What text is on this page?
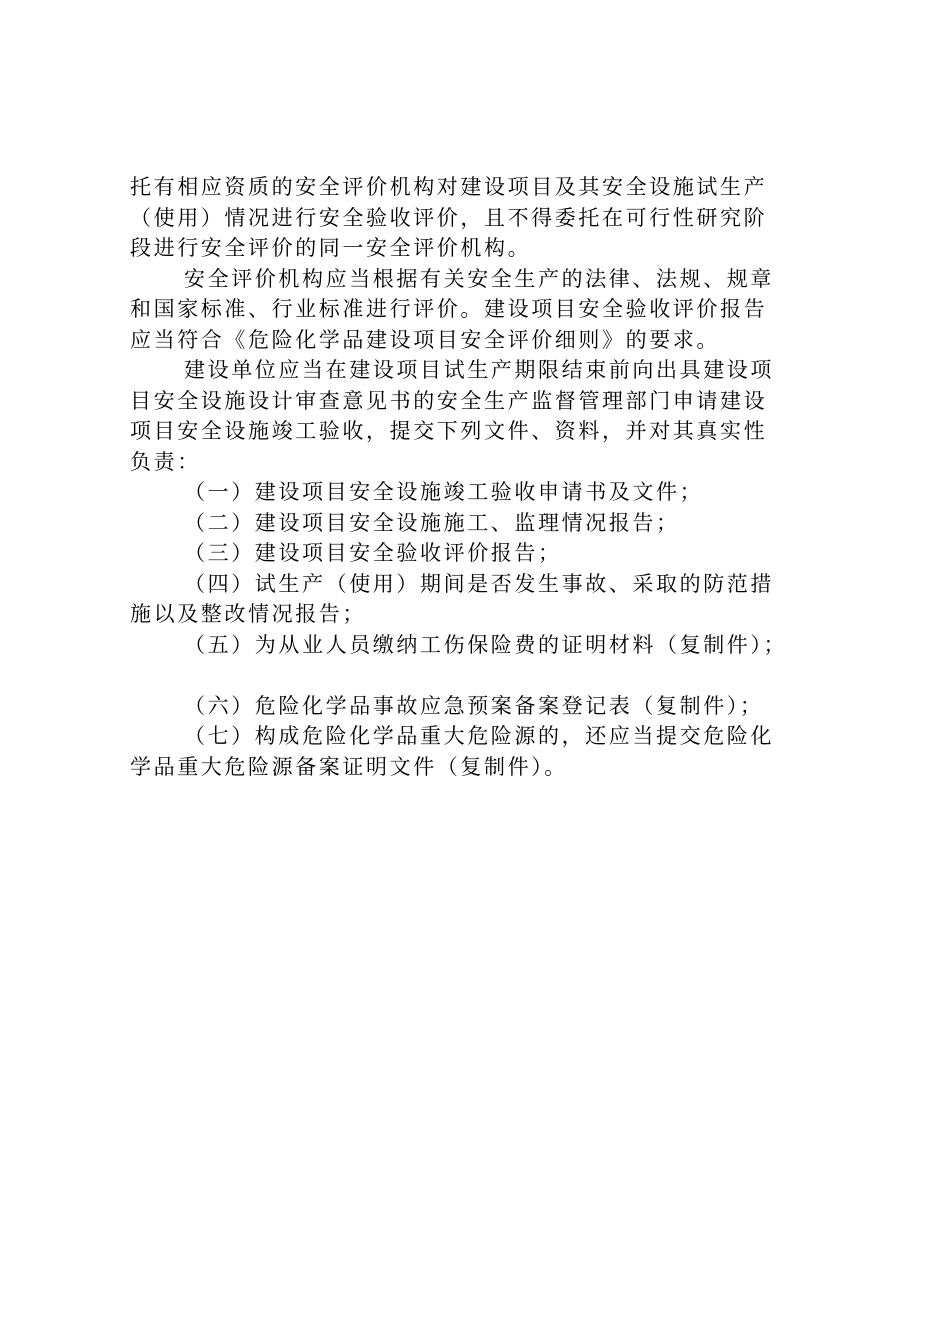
托有相应资质的安全评价机构对建设项目及其安全设施试生产
（使用）情况进行安全验收评价，且不得委托在可行性研究阶
段进行安全评价的同一安全评价机构。
安全评价机构应当根据有关安全生产的法律、法规、规章
和国家标准、行业标准进行评价。建设项目安全验收评价报告
应当符合《危险化学品建设项目安全评价细则》的要求。
建设单位应当在建设项目试生产期限结束前向出具建设项
目安全设施设计审查意见书的安全生产监督管理部门申请建设
项目安全设施竣工验收，提交下列文件、资料，并对其真实性
负责：
（一）建设项目安全设施竣工验收申请书及文件；
（二）建设项目安全设施施工、监理情况报告；
（三）建设项目安全验收评价报告；
（四）试生产（使用）期间是否发生事故、采取的防范措
施以及整改情况报告；
（五）为从业人员缴纳工伤保险费的证明材料（复制件）；
（六）危险化学品事故应急预案备案登记表（复制件）；
（七）构成危险化学品重大危险源的，还应当提交危险化
学品重大危险源备案证明文件（复制件）。
